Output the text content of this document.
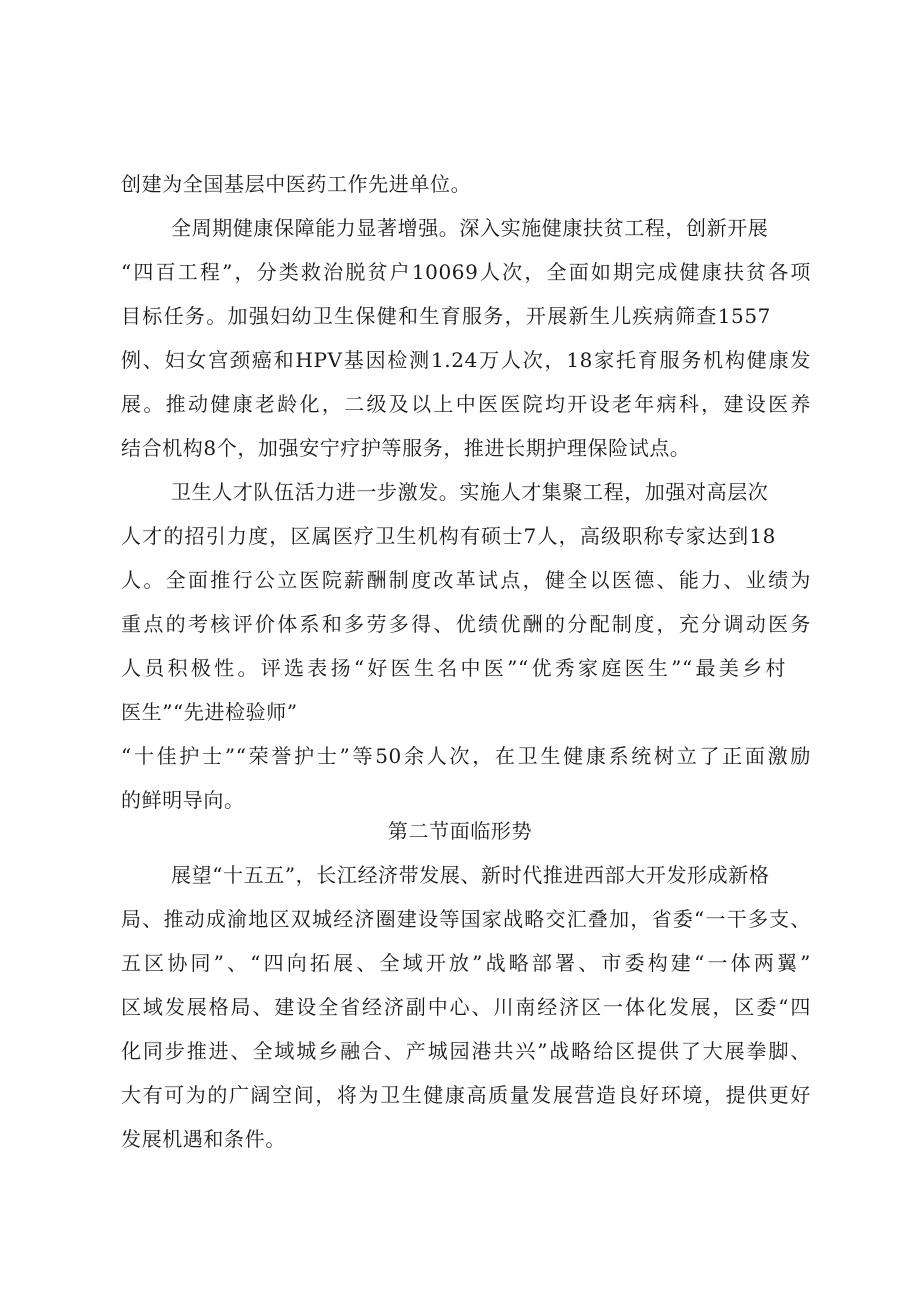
创建为全国基层中医药工作先进单位。
全周期健康保障能力显著增强。深入实施健康扶贫工程，创新开展
“四百工程”，分类救治脱贫户10069人次，全面如期完成健康扶贫各项
目标任务。加强妇幼卫生保健和生育服务，开展新生儿疾病筛查1557
例、妇女宫颈癌和HPV基因检测1.24万人次，18家托育服务机构健康发
展。推动健康老龄化，二级及以上中医医院均开设老年病科，建设医养
结合机构8个，加强安宁疗护等服务，推进长期护理保险试点。
卫生人才队伍活力进一步激发。实施人才集聚工程，加强对高层次
人才的招引力度，区属医疗卫生机构有硕士7人，高级职称专家达到18
人。全面推行公立医院薪酬制度改革试点，健全以医德、能力、业绩为
重点的考核评价体系和多劳多得、优绩优酬的分配制度，充分调动医务
人员积极性。评选表扬“好医生名中医”“优秀家庭医生”“最美乡村
医生”“先进检验师”
“十佳护士”“荣誉护士”等50余人次，在卫生健康系统树立了正面激励
的鲜明导向。
第二节面临形势
展望“十五五”，长江经济带发展、新时代推进西部大开发形成新格
局、推动成渝地区双城经济圈建设等国家战略交汇叠加，省委“一干多支、
五区协同”、“四向拓展、全域开放”战略部署、市委构建“一体两翼”
区域发展格局、建设全省经济副中心、川南经济区一体化发展，区委“四
化同步推进、全域城乡融合、产城园港共兴”战略给区提供了大展拳脚、
大有可为的广阔空间，将为卫生健康高质量发展营造良好环境，提供更好
发展机遇和条件。
